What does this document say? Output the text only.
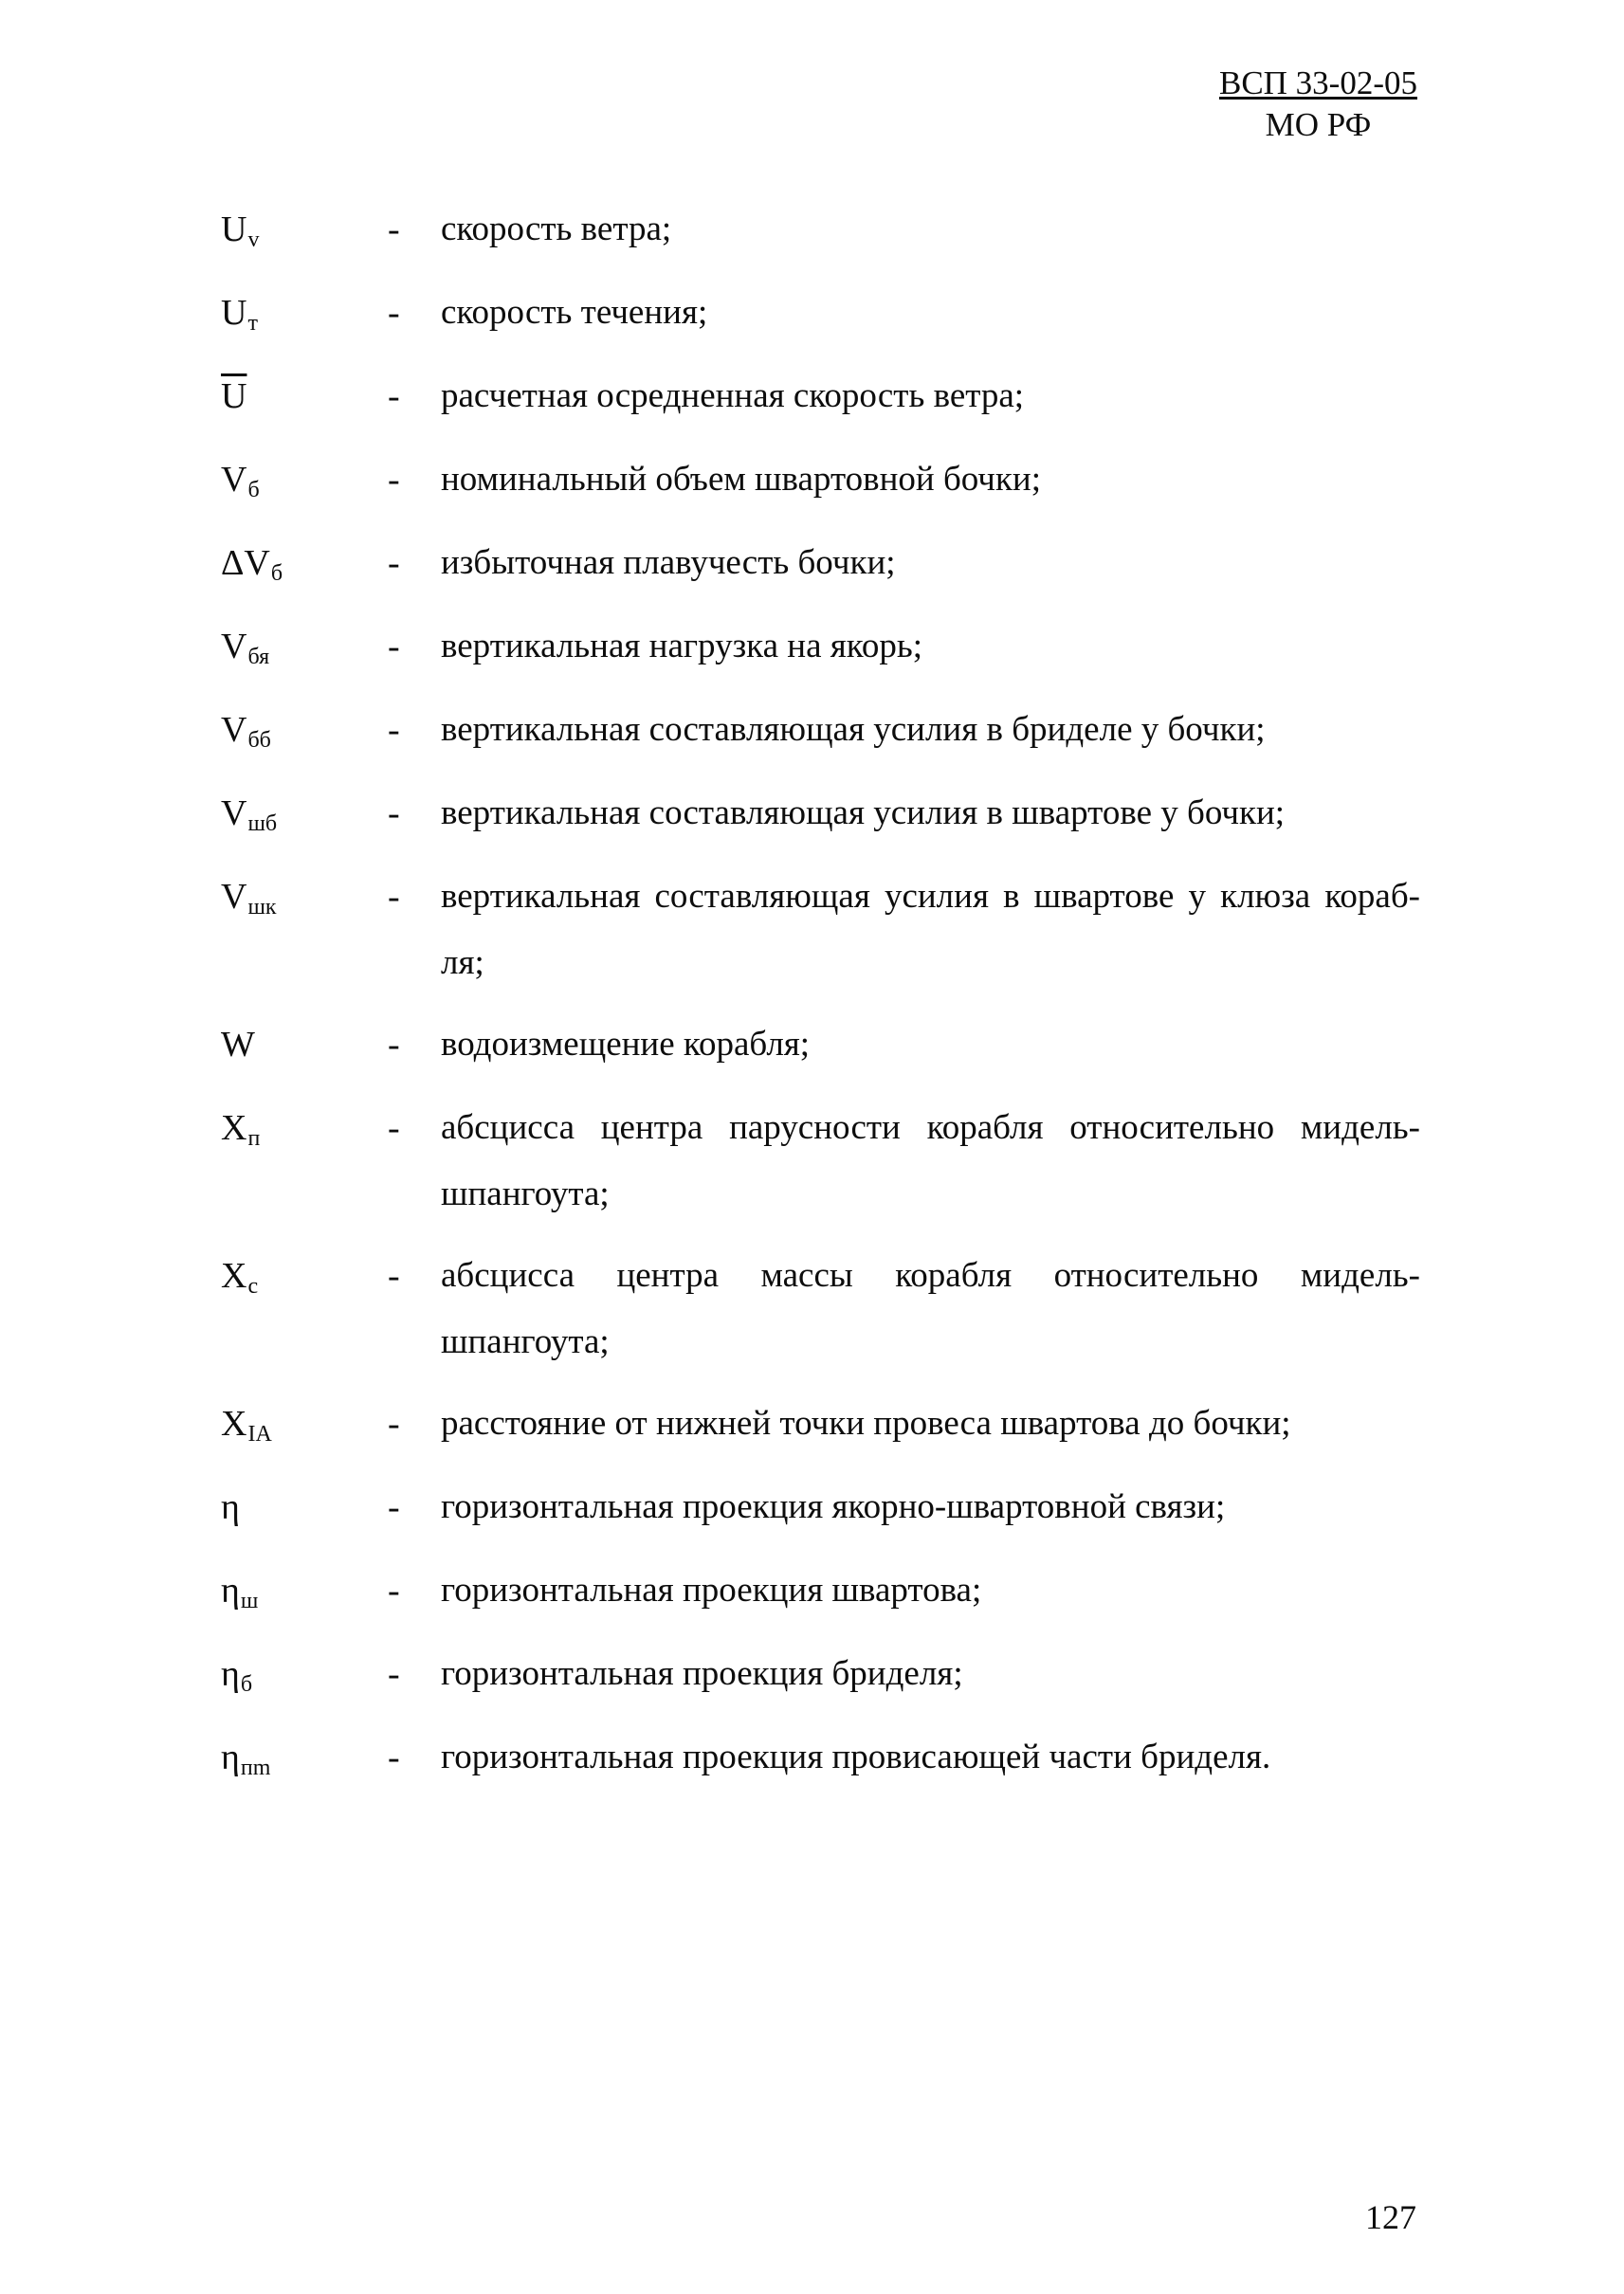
ВСП 33-02-05
МО РФ
$U_v$	- скорость ветра;
$U_т$	- скорость течения;
$\overline{U}$	- расчетная осредненная скорость ветра;
$V_б$	- номинальный объем швартовной бочки;
$\Delta V_б$	- избыточная плавучесть бочки;
$V_{бя}$	- вертикальная нагрузка на якорь;
$V_{бб}$	- вертикальная составляющая усилия в бриделе у бочки;
$V_{шб}$	- вертикальная составляющая усилия в швартове у бочки;
$V_{шк}$	- вертикальная составляющая усилия в швартове у клюза кораб-
ля;
W	- водоизмещение корабля;
$X_п$	- абсцисса центра парусности корабля относительно мидель-
шпангоута;
$X_c$	- абсцисса центра массы корабля относительно мидель-
шпангоута;
$X_{IA}$	- расстояние от нижней точки провеса швартова до бочки;
η	- горизонтальная проекция якорно-швартовной связи;
$\eta_ш$	- горизонтальная проекция швартова;
$\eta_б$	- горизонтальная проекция бриделя;
$\eta_{пm}$	- горизонтальная проекция провисающей части бриделя.
127
